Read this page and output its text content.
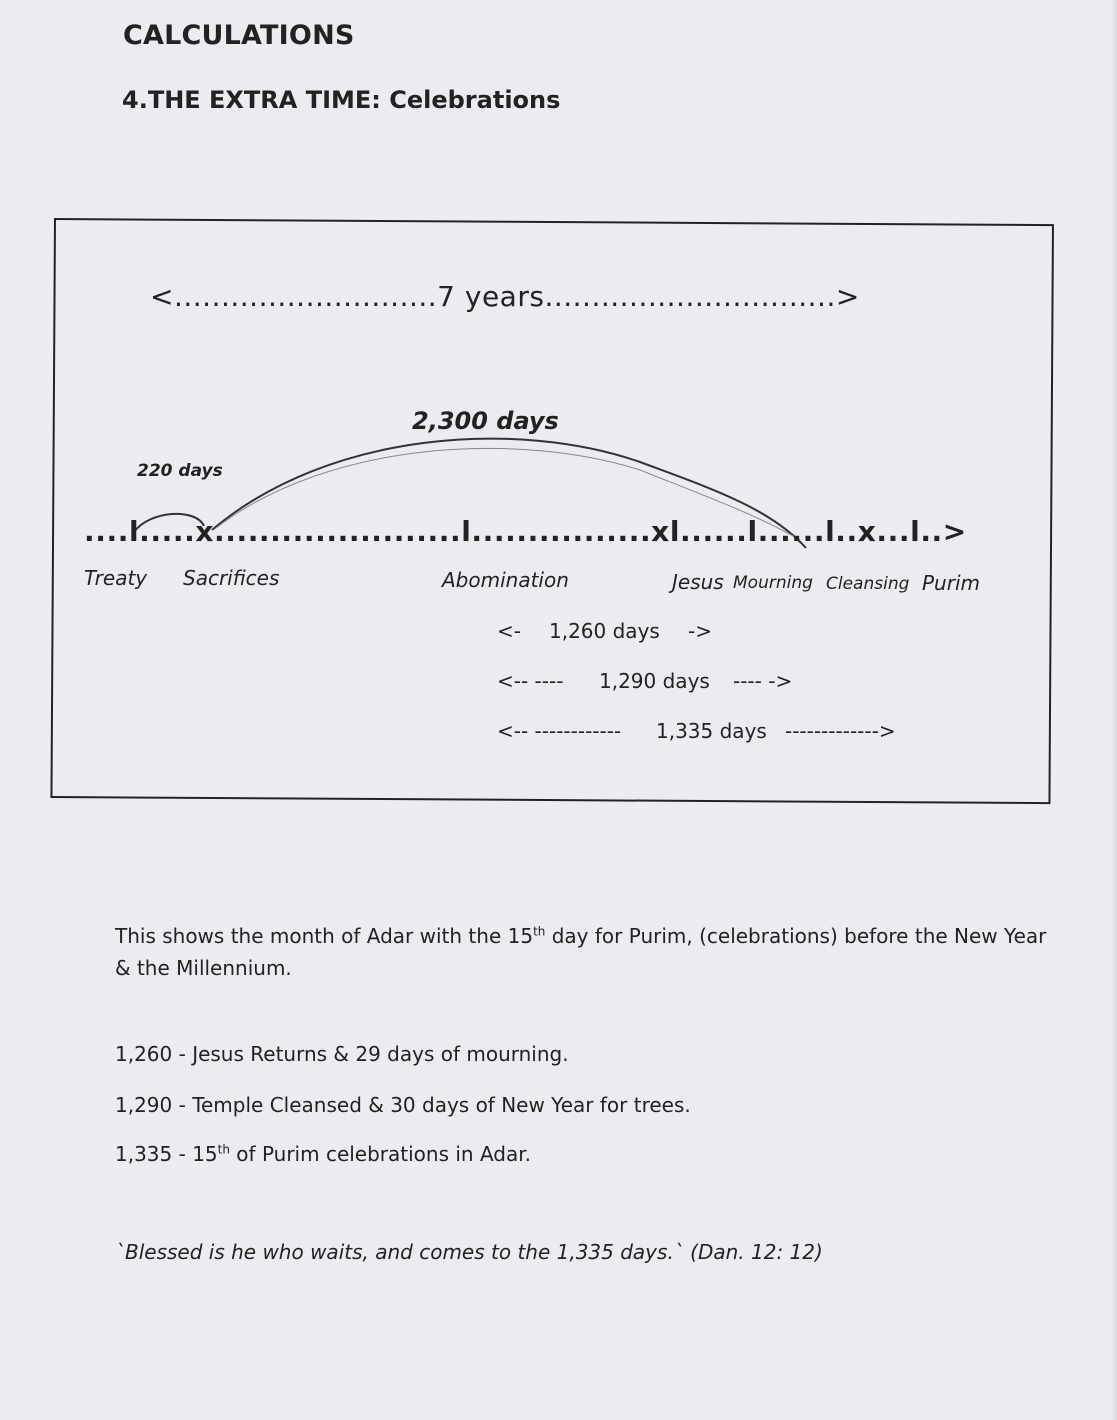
CALCULATIONS
4.THE EXTRA TIME: Celebrations
<............................7 years...............................>
2,300 days
220 days
....l.....x......................l................xl......l......l..x...l..>
Treaty Sacrifices	Abomination	Jesus Mourning Cleansing Purim
<- 1,260 days ->
<-- ---- 1,290 days ---- ->
<-- ------------ 1,335 days ------------->
This shows the month of Adar with the 15th day for Purim, (celebrations) before the New Year & the Millennium.
1,260 - Jesus Returns & 29 days of mourning.
1,290 - Temple Cleansed & 30 days of New Year for trees.
1,335 - 15th of Purim celebrations in Adar.
`Blessed is he who waits, and comes to the 1,335 days.` (Dan. 12: 12)
